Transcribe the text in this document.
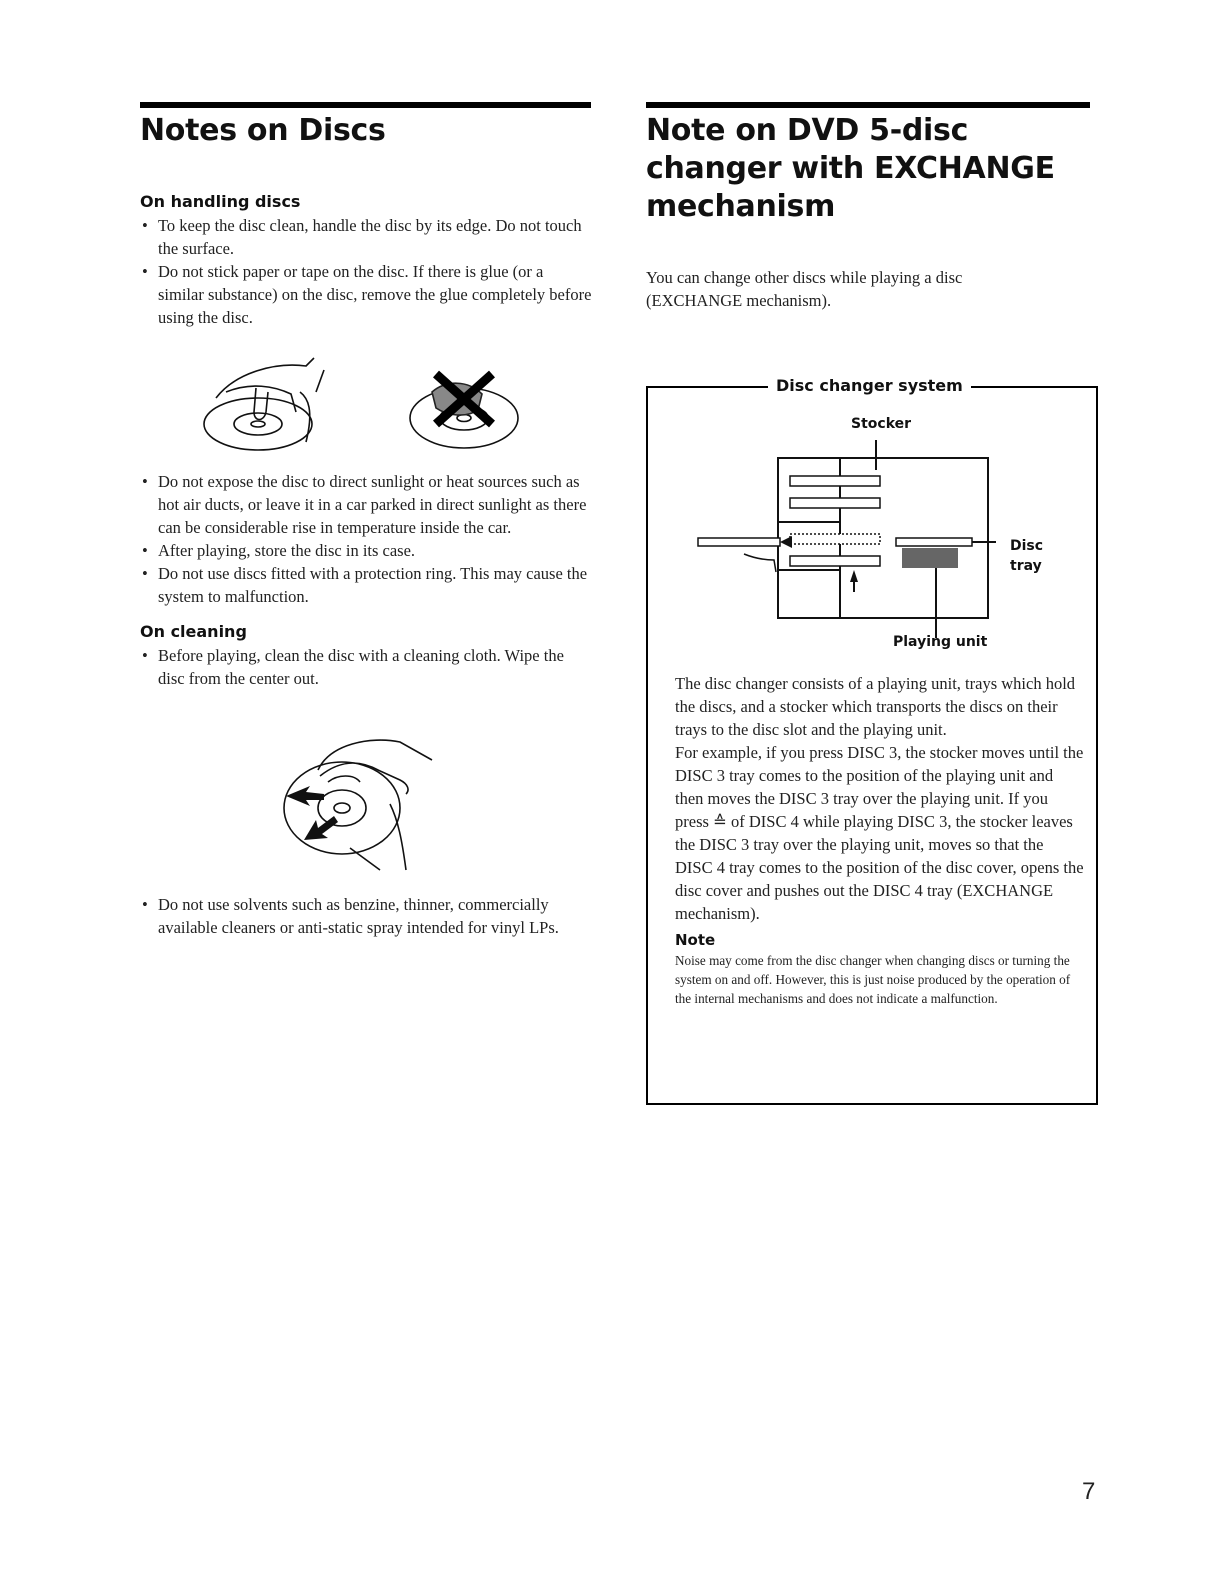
Notes on Discs
On handling discs
• To keep the disc clean, handle the disc by its edge. Do not touch the surface.
• Do not stick paper or tape on the disc. If there is glue (or a similar substance) on the disc, remove the glue completely before using the disc.
• Do not expose the disc to direct sunlight or heat sources such as hot air ducts, or leave it in a car parked in direct sunlight as there can be considerable rise in temperature inside the car.
• After playing, store the disc in its case.
• Do not use discs fitted with a protection ring. This may cause the system to malfunction.
On cleaning
• Before playing, clean the disc with a cleaning cloth. Wipe the disc from the center out.
• Do not use solvents such as benzine, thinner, commercially available cleaners or anti-static spray intended for vinyl LPs.
Note on DVD 5-disc changer with EXCHANGE mechanism
You can change other discs while playing a disc (EXCHANGE mechanism).
Disc changer system
Stocker
Disc tray
Playing unit
The disc changer consists of a playing unit, trays which hold the discs, and a stocker which transports the discs on their trays to the disc slot and the playing unit.
For example, if you press DISC 3, the stocker moves until the DISC 3 tray comes to the position of the playing unit and then moves the DISC 3 tray over the playing unit. If you press ≙ of DISC 4 while playing DISC 3, the stocker leaves the DISC 3 tray over the playing unit, moves so that the DISC 4 tray comes to the position of the disc cover, opens the disc cover and pushes out the DISC 4 tray (EXCHANGE mechanism).
Note
Noise may come from the disc changer when changing discs or turning the system on and off. However, this is just noise produced by the operation of the internal mechanisms and does not indicate a malfunction.
7
